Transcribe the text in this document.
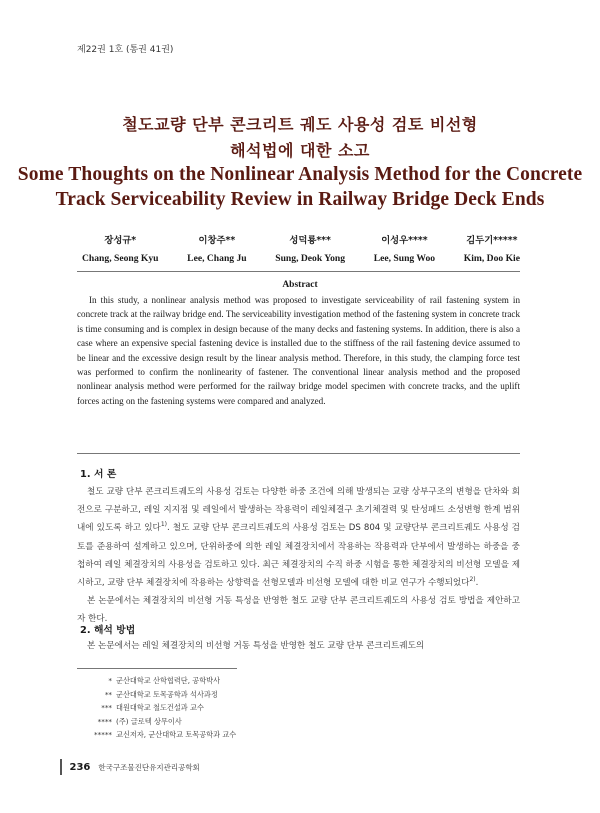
제22권 1호 (통권 41권)
철도교량 단부 콘크리트 궤도 사용성 검토 비선형
해석법에 대한 소고
Some Thoughts on the Nonlinear Analysis Method for the Concrete
Track Serviceability Review in Railway Bridge Deck Ends
장성규*
Chang, Seong Kyu
이창주**
Lee, Chang Ju
성덕룡***
Sung, Deok Yong
이성우****
Lee, Sung Woo
김두기*****
Kim, Doo Kie
Abstract
In this study, a nonlinear analysis method was proposed to investigate serviceability of rail fastening system in concrete track at the railway bridge end. The serviceability investigation method of the fastening system in concrete track is time consuming and is complex in design because of the many decks and fastening systems. In addition, there is also a case where an expensive special fastening device is installed due to the stiffness of the rail fastening device assumed to be linear and the excessive design result by the linear analysis method. Therefore, in this study, the clamping force test was performed to confirm the nonlinearity of fastener. The conventional linear analysis method and the proposed nonlinear analysis method were performed for the railway bridge model specimen with concrete tracks, and the uplift forces acting on the fastening systems were compared and analyzed.
1. 서 론

철도 교량 단부 콘크리트궤도의 사용성 검토는 다양한 하중 조건에 의해 발생되는 교량 상부구조의 변형을 단차와 회전으로 구분하고, 레일 지지점 및 레일에서 발생하는 작용력이 레일체결구 초기체결력 및 탄성패드 소성변형 한계 범위 내에 있도록 하고 있다$^{1)}$. 철도 교량 단부 콘크리트궤도의 사용성 검토는 DS 804 및 교량단부 콘크리트궤도 사용성 검토를 준용하여 설계하고 있으며, 단위하중에 의한 레일 체결장치에서 작용하는 작용력과 단부에서 발생하는 하중을 중첩하여 레일 체결장치의 사용성을 검토하고 있다. 최근 체결장치의 수직 하중 시험을 통한 체결장치의 비선형 모델을 제시하고, 교량 단부 체결장치에 작용하는 상향력을 선형모델과 비선형 모델에 대한 비교 연구가 수행되었다$^{2)}$.

본 논문에서는 체결장치의 비선형 거동 특성을 반영한 철도 교량 단부 콘크리트궤도의 사용성 검토 방법을 제안하고자 한다.

2. 해석 방법

본 논문에서는 레일 체결장치의 비선형 거동 특성을 반영한 철도 교량 단부 콘크리트궤도의

* 군산대학교 산학협력단, 공학박사
** 군산대학교 토목공학과 석사과정
*** 대원대학교 철도건설과 교수
**** (주) 글로텍 상무이사
***** 교신저자, 군산대학교 토목공학과 교수
236 한국구조물진단유지관리공학회
